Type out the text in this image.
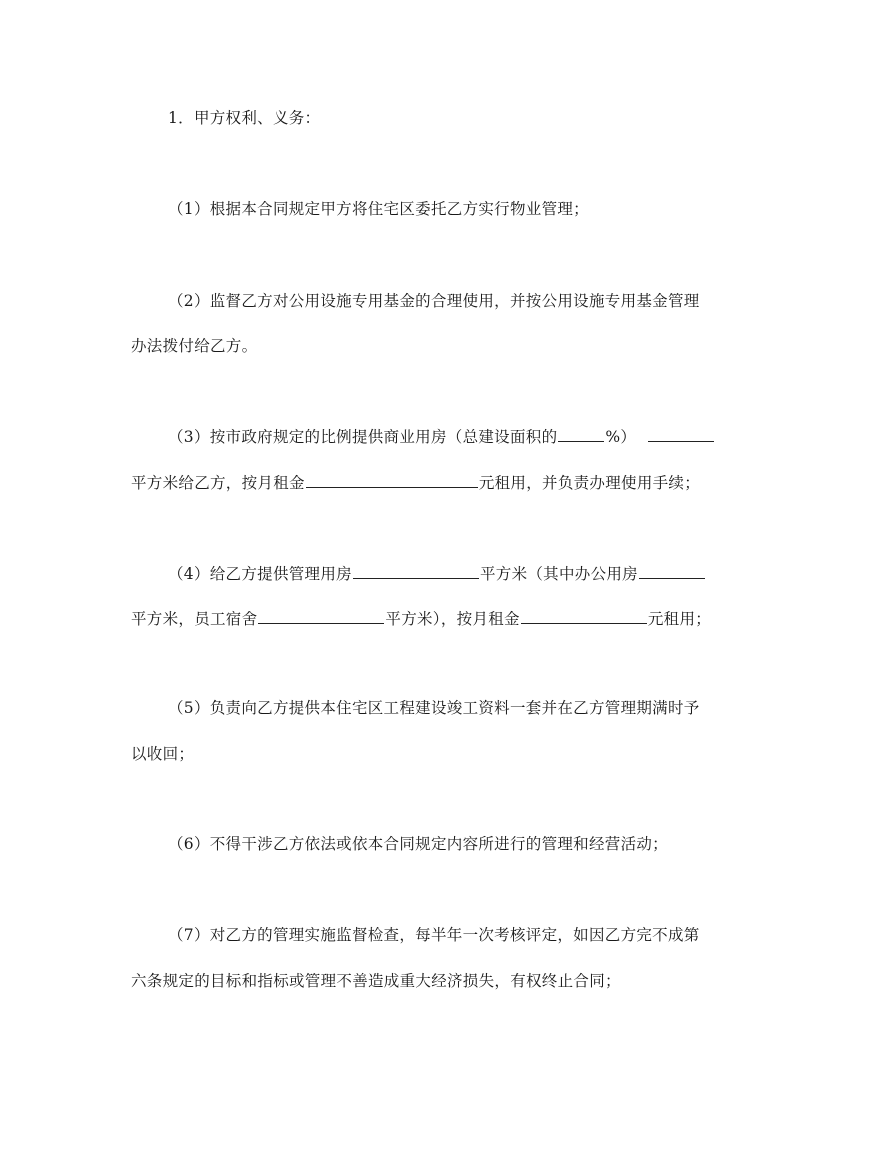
1．甲方权利、义务：
（1）根据本合同规定甲方将住宅区委托乙方实行物业管理；
（2）监督乙方对公用设施专用基金的合理使用，并按公用设施专用基金管理
办法拨付给乙方。
（3）按市政府规定的比例提供商业用房（总建设面积的	%）
平方米给乙方，按月租金	元租用，并负责办理使用手续；
（4）给乙方提供管理用房	平方米（其中办公用房
平方米，员工宿舍	平方米），按月租金	元租用；
（5）负责向乙方提供本住宅区工程建设竣工资料一套并在乙方管理期满时予
以收回；
（6）不得干涉乙方依法或依本合同规定内容所进行的管理和经营活动；
（7）对乙方的管理实施监督检查，每半年一次考核评定，如因乙方完不成第
六条规定的目标和指标或管理不善造成重大经济损失，有权终止合同；
